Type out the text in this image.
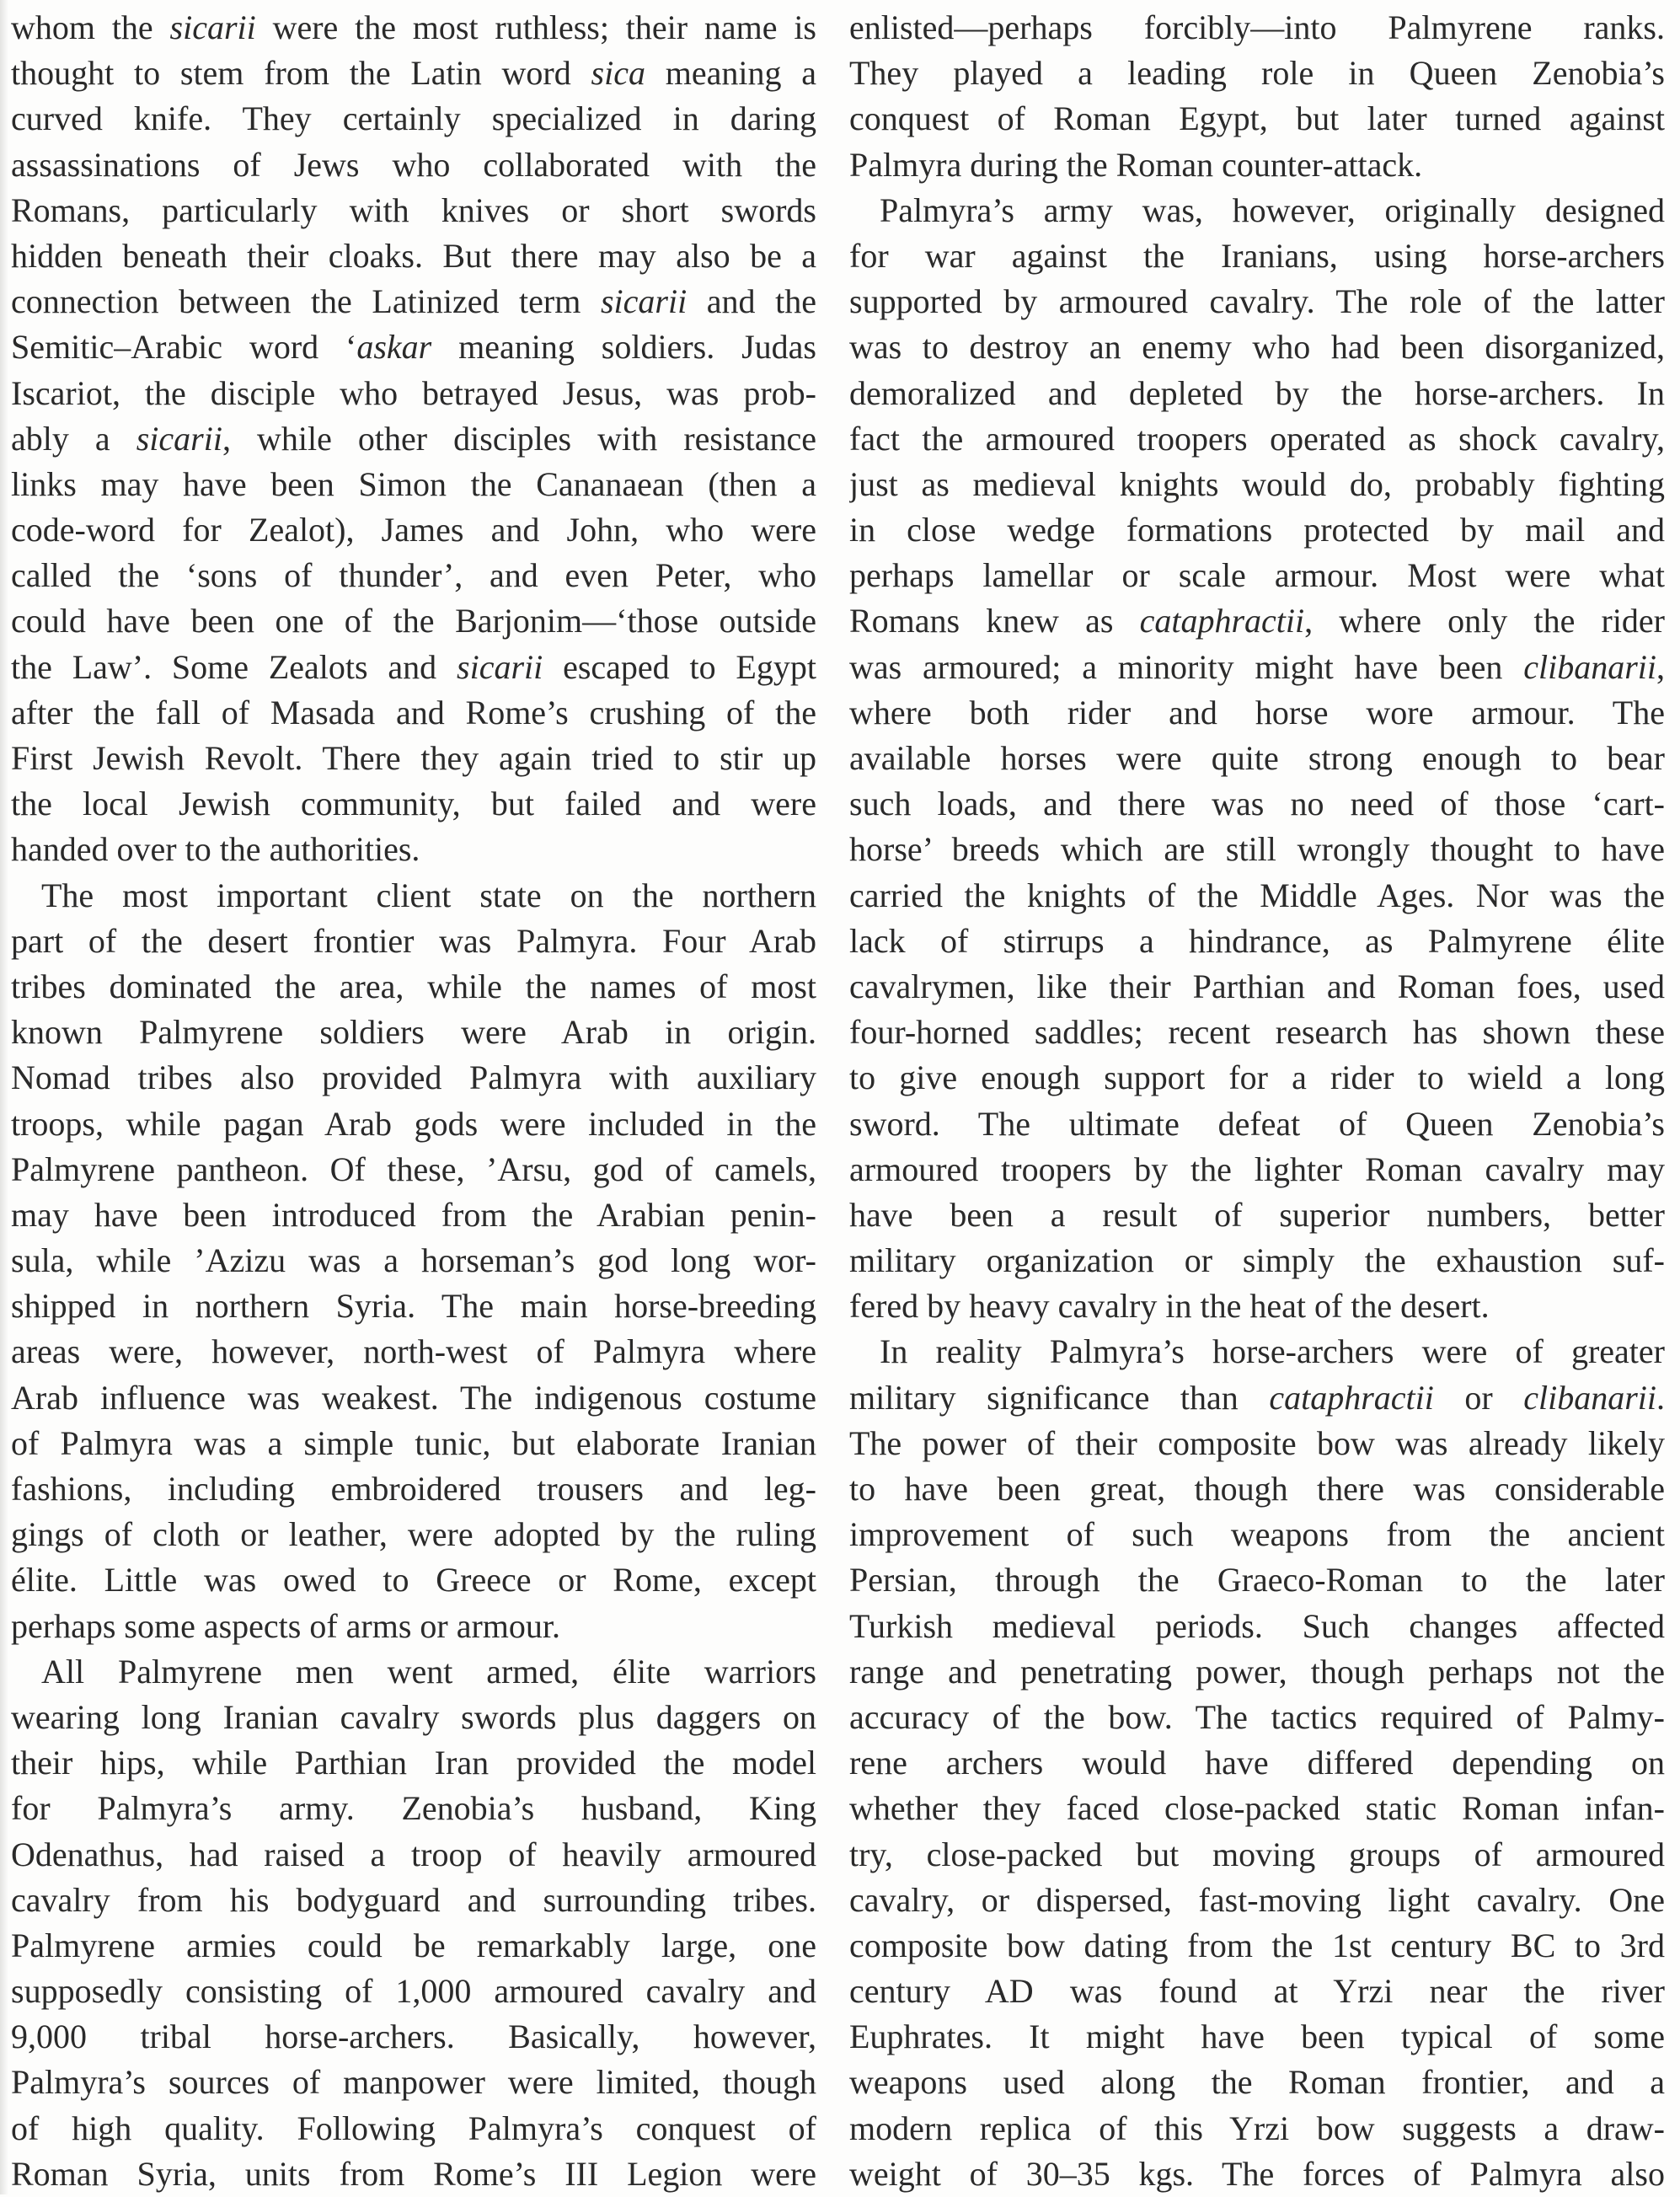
whom the sicarii were the most ruthless; their name is
thought to stem from the Latin word sica meaning a
curved knife. They certainly specialized in daring
assassinations of Jews who collaborated with the
Romans, particularly with knives or short swords
hidden beneath their cloaks. But there may also be a
connection between the Latinized term sicarii and the
Semitic–Arabic word ‘askar meaning soldiers. Judas
Iscariot, the disciple who betrayed Jesus, was prob-
ably a sicarii, while other disciples with resistance
links may have been Simon the Cananaean (then a
code-word for Zealot), James and John, who were
called the ‘sons of thunder’, and even Peter, who
could have been one of the Barjonim—‘those outside
the Law’. Some Zealots and sicarii escaped to Egypt
after the fall of Masada and Rome’s crushing of the
First Jewish Revolt. There they again tried to stir up
the local Jewish community, but failed and were
handed over to the authorities.
The most important client state on the northern
part of the desert frontier was Palmyra. Four Arab
tribes dominated the area, while the names of most
known Palmyrene soldiers were Arab in origin.
Nomad tribes also provided Palmyra with auxiliary
troops, while pagan Arab gods were included in the
Palmyrene pantheon. Of these, ’Arsu, god of camels,
may have been introduced from the Arabian penin-
sula, while ’Azizu was a horseman’s god long wor-
shipped in northern Syria. The main horse-breeding
areas were, however, north-west of Palmyra where
Arab influence was weakest. The indigenous costume
of Palmyra was a simple tunic, but elaborate Iranian
fashions, including embroidered trousers and leg-
gings of cloth or leather, were adopted by the ruling
élite. Little was owed to Greece or Rome, except
perhaps some aspects of arms or armour.
All Palmyrene men went armed, élite warriors
wearing long Iranian cavalry swords plus daggers on
their hips, while Parthian Iran provided the model
for Palmyra’s army. Zenobia’s husband, King
Odenathus, had raised a troop of heavily armoured
cavalry from his bodyguard and surrounding tribes.
Palmyrene armies could be remarkably large, one
supposedly consisting of 1,000 armoured cavalry and
9,000 tribal horse-archers. Basically, however,
Palmyra’s sources of manpower were limited, though
of high quality. Following Palmyra’s conquest of
Roman Syria, units from Rome’s III Legion were
enlisted—perhaps forcibly—into Palmyrene ranks.
They played a leading role in Queen Zenobia’s
conquest of Roman Egypt, but later turned against
Palmyra during the Roman counter-attack.
Palmyra’s army was, however, originally designed
for war against the Iranians, using horse-archers
supported by armoured cavalry. The role of the latter
was to destroy an enemy who had been disorganized,
demoralized and depleted by the horse-archers. In
fact the armoured troopers operated as shock cavalry,
just as medieval knights would do, probably fighting
in close wedge formations protected by mail and
perhaps lamellar or scale armour. Most were what
Romans knew as cataphractii, where only the rider
was armoured; a minority might have been clibanarii,
where both rider and horse wore armour. The
available horses were quite strong enough to bear
such loads, and there was no need of those ‘cart-
horse’ breeds which are still wrongly thought to have
carried the knights of the Middle Ages. Nor was the
lack of stirrups a hindrance, as Palmyrene élite
cavalrymen, like their Parthian and Roman foes, used
four-horned saddles; recent research has shown these
to give enough support for a rider to wield a long
sword. The ultimate defeat of Queen Zenobia’s
armoured troopers by the lighter Roman cavalry may
have been a result of superior numbers, better
military organization or simply the exhaustion suf-
fered by heavy cavalry in the heat of the desert.
In reality Palmyra’s horse-archers were of greater
military significance than cataphractii or clibanarii.
The power of their composite bow was already likely
to have been great, though there was considerable
improvement of such weapons from the ancient
Persian, through the Graeco-Roman to the later
Turkish medieval periods. Such changes affected
range and penetrating power, though perhaps not the
accuracy of the bow. The tactics required of Palmy-
rene archers would have differed depending on
whether they faced close-packed static Roman infan-
try, close-packed but moving groups of armoured
cavalry, or dispersed, fast-moving light cavalry. One
composite bow dating from the 1st century BC to 3rd
century AD was found at Yrzi near the river
Euphrates. It might have been typical of some
weapons used along the Roman frontier, and a
modern replica of this Yrzi bow suggests a draw-
weight of 30–35 kgs. The forces of Palmyra also
